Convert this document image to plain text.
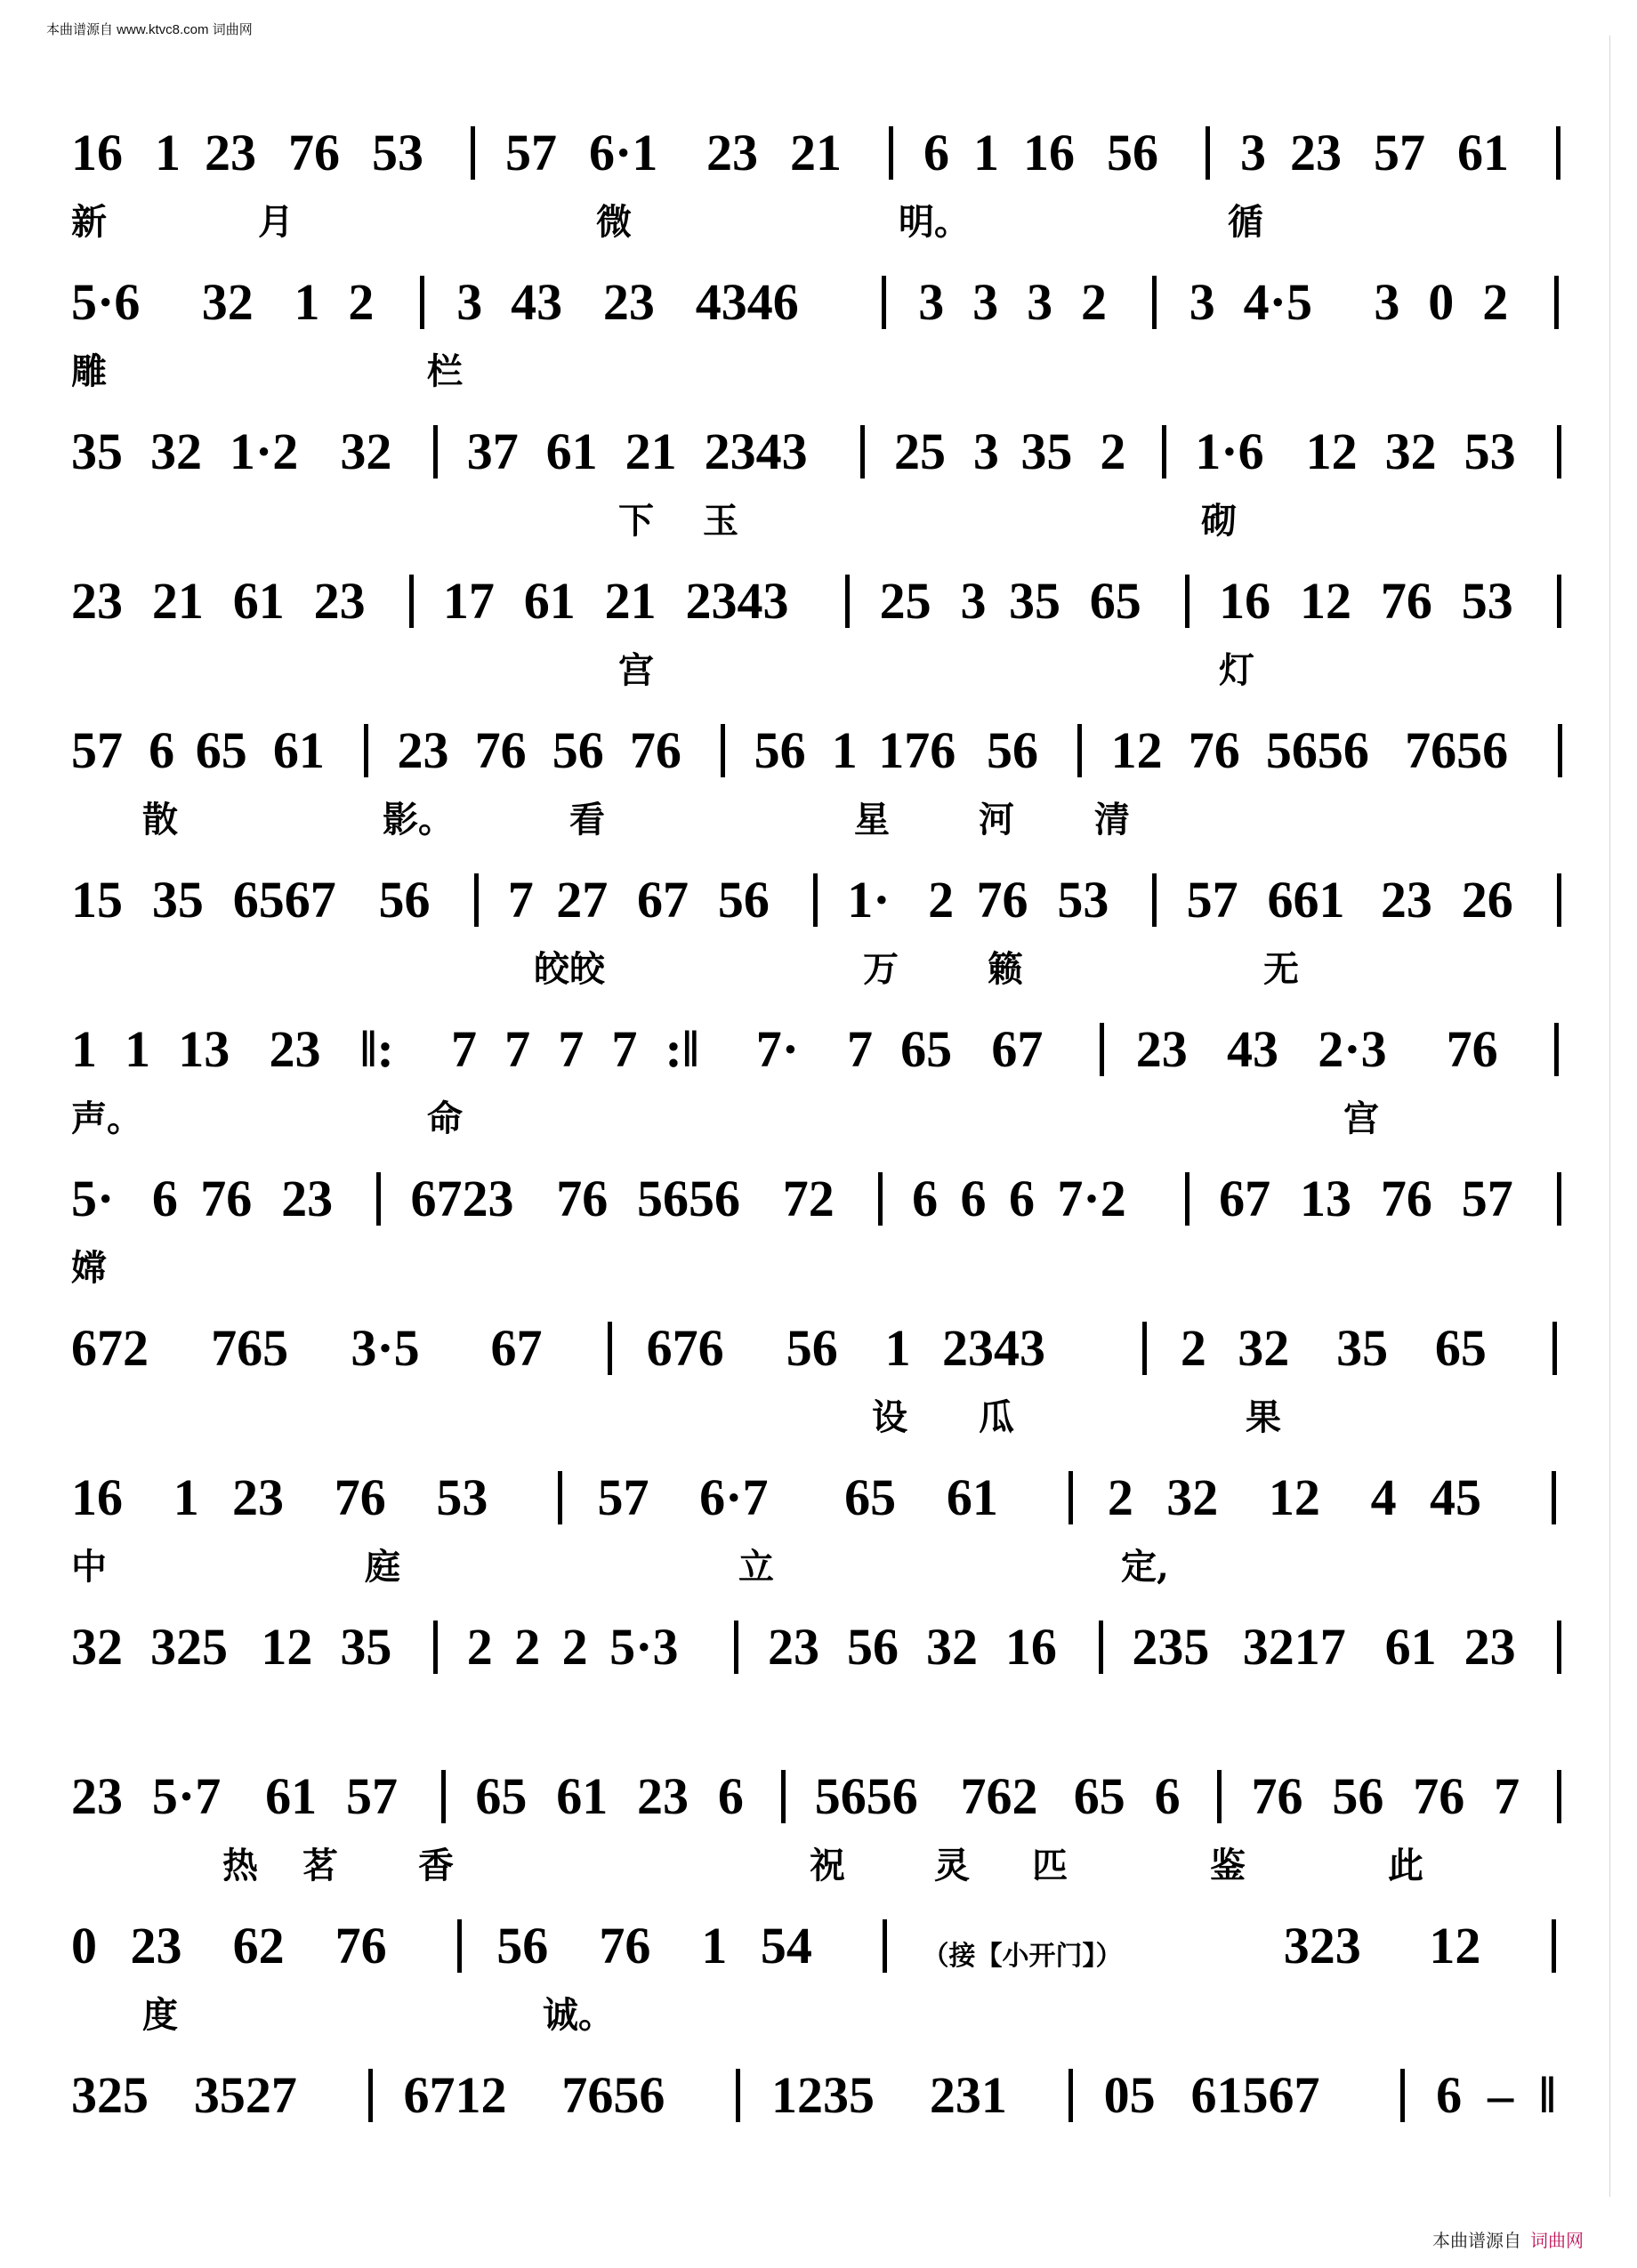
本曲谱源自 www.ktvc8.com 词曲网
16 1 23 76 53 57 6·1 23 21 6 1 16 56 3 23 57 61
新	月	微	明。	循
5·6 32 1 2 3 43 23 4346 3 3 3 2 3 4·5 3 0 2
雕	栏
35 32 1·2 32 37 61 21 2343 25 3 35 2 1·6 12 32 53
下 玉	砌
23 21 61 23 17 61 21 2343 25 3 35 65 16 12 76 53
宫	灯
57 6 65 61 23 76 56 76 56 1 176 56 12 76 5656 7656
散	影。	看	星	河 清
15 35 6567 56 7 27 67 56 1· 2 76 53 57 661 23 26
皎皎	万	籁	无
1 1 13 23 ‖: 7 7 7 7 :‖ 7· 7 65 67 23 43 2·3 76
声。	命	宫
5· 6 76 23 6723 76 5656 72 6 6 6 7·2 67 13 76 57
嫦
672 765 3·5 67 676 56 1 2343	2 32 35 65
设 瓜	果
16 1 23 76 53 57 6·7 65 61 2 32 12 4 45
中	庭	立	定,
32 325 12 35 2 2 2 5·3 23 56 32 16 235 3217 61 23
23 5·7 61 57 65 61 23 6 5656 762 65 6 76 56 76 7
热 茗 香	祝	灵 匹	鉴	此
0 23 62 76 56 76 1 54	（接【小开门】）	323 12
度	诚。
325 3527 6712 7656 1235 231 05 61567 6 – ‖
本曲谱源自 词曲网
